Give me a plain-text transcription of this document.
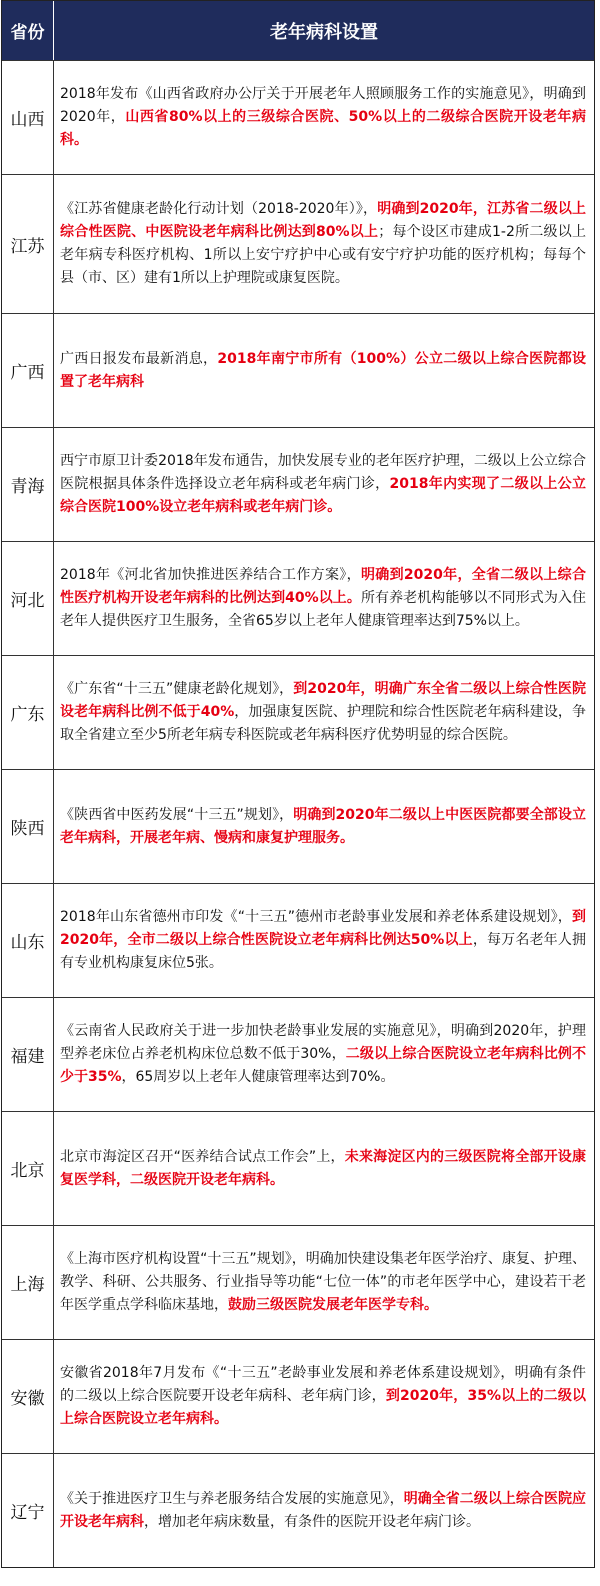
省份	老年病科设置
山西

2018年发布《山西省政府办公厅关于开展老年人照顾服务工作的实施意见》，明确到2020年，山西省80%以上的三级综合医院、50%以上的二级综合医院开设老年病科。

江苏

《江苏省健康老龄化行动计划（2018-2020年）》，明确到2020年，江苏省二级以上综合性医院、中医院设老年病科比例达到80%以上；每个设区市建成1-2所二级以上老年病专科医疗机构、1所以上安宁疗护中心或有安宁疗护功能的医疗机构；每每个县（市、区）建有1所以上护理院或康复医院。

广西

广西日报发布最新消息，2018年南宁市所有（100%）公立二级以上综合医院都设置了老年病科

青海

西宁市原卫计委2018年发布通告，加快发展专业的老年医疗护理，二级以上公立综合医院根据具体条件选择设立老年病科或老年病门诊，2018年内实现了二级以上公立综合医院100%设立老年病科或老年病门诊。

河北

2018年《河北省加快推进医养结合工作方案》，明确到2020年，全省二级以上综合性医疗机构开设老年病科的比例达到40%以上。所有养老机构能够以不同形式为入住老年人提供医疗卫生服务，全省65岁以上老年人健康管理率达到75%以上。

广东

《广东省“十三五”健康老龄化规划》，到2020年，明确广东全省二级以上综合性医院设老年病科比例不低于40%，加强康复医院、护理院和综合性医院老年病科建设，争取全省建立至少5所老年病专科医院或老年病科医疗优势明显的综合医院。

陕西

《陕西省中医药发展“十三五”规划》，明确到2020年二级以上中医医院都要全部设立老年病科，开展老年病、慢病和康复护理服务。

山东

2018年山东省德州市印发《“十三五”德州市老龄事业发展和养老体系建设规划》，到2020年，全市二级以上综合性医院设立老年病科比例达50%以上，每万名老年人拥有专业机构康复床位5张。

福建

《云南省人民政府关于进一步加快老龄事业发展的实施意见》，明确到2020年，护理型养老床位占养老机构床位总数不低于30%，二级以上综合医院设立老年病科比例不少于35%，65周岁以上老年人健康管理率达到70%。

北京

北京市海淀区召开“医养结合试点工作会”上，未来海淀区内的三级医院将全部开设康复医学科，二级医院开设老年病科。

上海

《上海市医疗机构设置“十三五”规划》，明确加快建设集老年医学治疗、康复、护理、教学、科研、公共服务、行业指导等功能“七位一体”的市老年医学中心，建设若干老年医学重点学科临床基地，鼓励三级医院发展老年医学专科。

安徽

安徽省2018年7月发布《“十三五”老龄事业发展和养老体系建设规划》，明确有条件的二级以上综合医院要开设老年病科、老年病门诊，到2020年，35%以上的二级以上综合医院设立老年病科。

辽宁

《关于推进医疗卫生与养老服务结合发展的实施意见》，明确全省二级以上综合医院应开设老年病科，增加老年病床数量，有条件的医院开设老年病门诊。
